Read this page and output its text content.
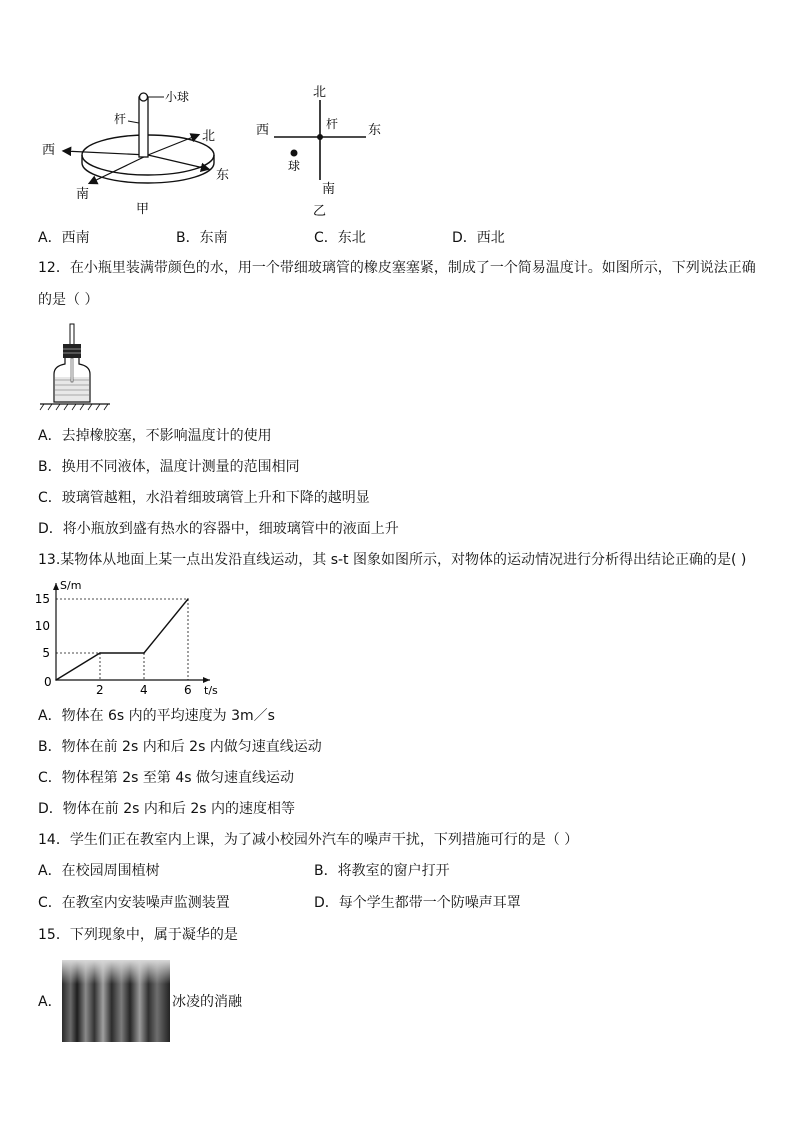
小球
杆
北
西
南
东
甲
北
西	杆 东
球
南
乙
A．西南	B．东南	C．东北	D．西北
12．在小瓶里装满带颜色的水，用一个带细玻璃管的橡皮塞塞紧，制成了一个简易温度计。如图所示，下列说法正确
的是（ ）
A．去掉橡胶塞，不影响温度计的使用
B．换用不同液体，温度计测量的范围相同
C．玻璃管越粗，水沿着细玻璃管上升和下降的越明显
D．将小瓶放到盛有热水的容器中，细玻璃管中的液面上升
13.某物体从地面上某一点出发沿直线运动，其 s-t 图象如图所示，对物体的运动情况进行分析得出结论正确的是( )
2	4	6
5
10
15
0
S/m
t/s
A．物体在 6s 内的平均速度为 3m／s
B．物体在前 2s 内和后 2s 内做匀速直线运动
C．物体程第 2s 至第 4s 做匀速直线运动
D．物体在前 2s 内和后 2s 内的速度相等
14．学生们正在教室内上课，为了减小校园外汽车的噪声干扰，下列措施可行的是（ ）
A．在校园周围植树	B．将教室的窗户打开
C．在教室内安装噪声监测装置	D．每个学生都带一个防噪声耳罩
15．下列现象中，属于凝华的是
A．	冰凌的消融
